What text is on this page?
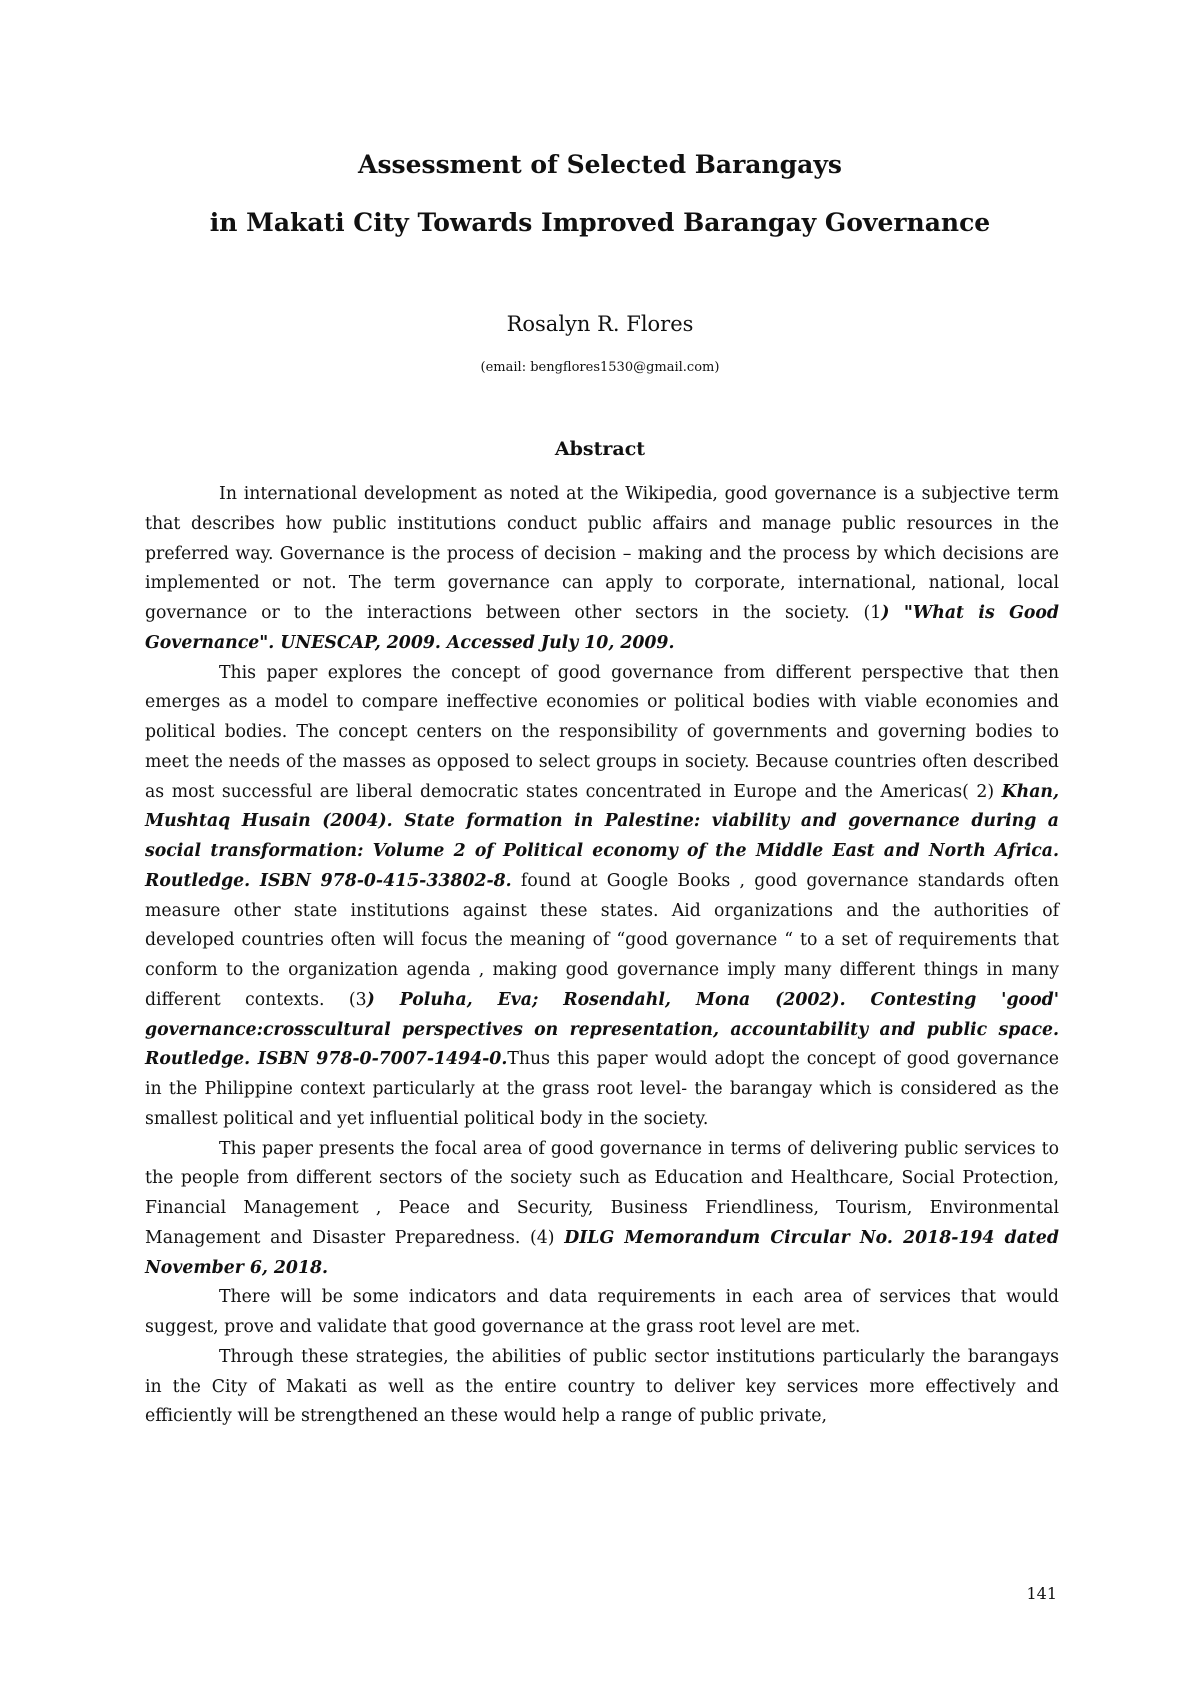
Assessment of Selected Barangays
in Makati City Towards Improved Barangay Governance
Rosalyn R. Flores
(email: bengflores1530@gmail.com)
Abstract

In international development as noted at the Wikipedia, good governance is a subjective term that describes how public institutions conduct public affairs and manage public resources in the preferred way. Governance is the process of decision – making and the process by which decisions are implemented or not. The term governance can apply to corporate, international, national, local governance or to the interactions between other sectors in the society. (1) "What is Good Governance". UNESCAP, 2009. Accessed July 10, 2009.

This paper explores the concept of good governance from different perspective that then emerges as a model to compare ineffective economies or political bodies with viable economies and political bodies. The concept centers on the responsibility of governments and governing bodies to meet the needs of the masses as opposed to select groups in society. Because countries often described as most successful are liberal democratic states concentrated in Europe and the Americas( 2) Khan, Mushtaq Husain (2004). State formation in Palestine: viability and governance during a social transformation: Volume 2 of Political economy of the Middle East and North Africa. Routledge. ISBN 978-0-415-33802-8. found at Google Books , good governance standards often measure other state institutions against these states. Aid organizations and the authorities of developed countries often will focus the meaning of “good governance “ to a set of requirements that conform to the organization agenda , making good governance imply many different things in many different contexts. (3) Poluha, Eva; Rosendahl, Mona (2002). Contesting 'good' governance:crosscultural perspectives on representation, accountability and public space. Routledge. ISBN 978-0-7007-1494-0.Thus this paper would adopt the concept of good governance in the Philippine context particularly at the grass root level- the barangay which is considered as the smallest political and yet influential political body in the society.

This paper presents the focal area of good governance in terms of delivering public services to the people from different sectors of the society such as Education and Healthcare, Social Protection, Financial Management , Peace and Security, Business Friendliness, Tourism, Environmental Management and Disaster Preparedness. (4) DILG Memorandum Circular No. 2018-194 dated November 6, 2018.

There will be some indicators and data requirements in each area of services that would suggest, prove and validate that good governance at the grass root level are met.

Through these strategies, the abilities of public sector institutions particularly the barangays in the City of Makati as well as the entire country to deliver key services more effectively and efficiently will be strengthened an these would help a range of public private,

141
